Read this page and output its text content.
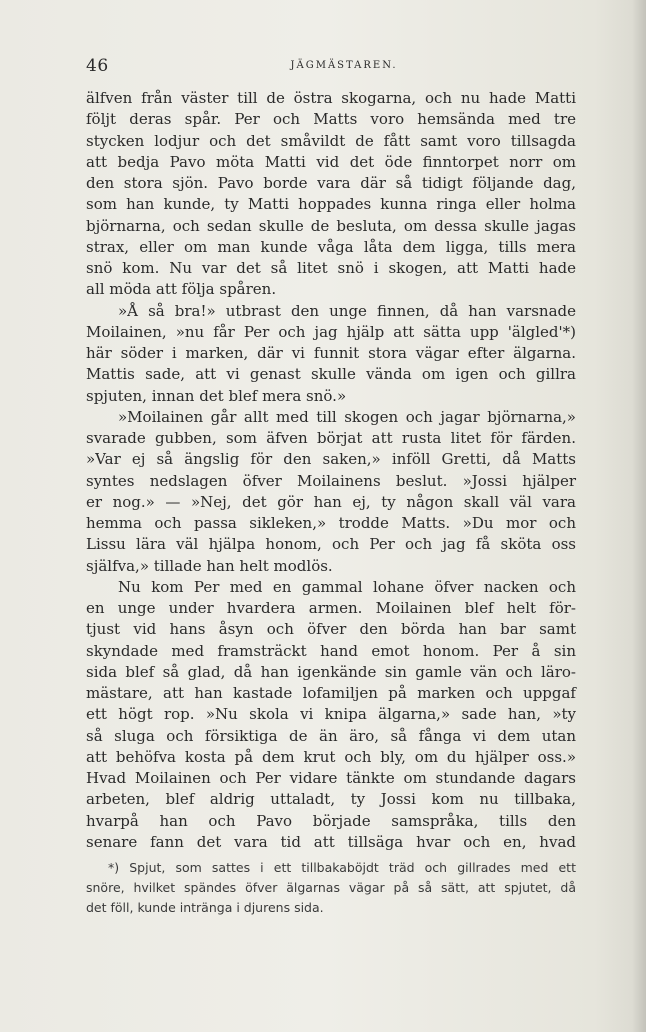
46	JÄGMÄSTAREN.
älfven från väster till de östra skogarna, och nu hade Matti
följt deras spår. Per och Matts voro hemsända med tre
stycken lodjur och det småvildt de fått samt voro tillsagda
att bedja Pavo möta Matti vid det öde finntorpet norr om
den stora sjön. Pavo borde vara där så tidigt följande dag,
som han kunde, ty Matti hoppades kunna ringa eller holma
björnarna, och sedan skulle de besluta, om dessa skulle jagas
strax, eller om man kunde våga låta dem ligga, tills mera
snö kom. Nu var det så litet snö i skogen, att Matti hade
all möda att följa spåren.
»Å så bra!» utbrast den unge finnen, då han varsnade
Moilainen, »nu får Per och jag hjälp att sätta upp 'älgled'*)
här söder i marken, där vi funnit stora vägar efter älgarna.
Mattis sade, att vi genast skulle vända om igen och gillra
spjuten, innan det blef mera snö.»
»Moilainen går allt med till skogen och jagar björnarna,»
svarade gubben, som äfven börjat att rusta litet för färden.
»Var ej så ängslig för den saken,» inföll Gretti, då Matts
syntes nedslagen öfver Moilainens beslut. »Jossi hjälper
er nog.» — »Nej, det gör han ej, ty någon skall väl vara
hemma och passa sikleken,» trodde Matts. »Du mor och
Lissu lära väl hjälpa honom, och Per och jag få sköta oss
själfva,» tillade han helt modlös.
Nu kom Per med en gammal lohane öfver nacken och
en unge under hvardera armen. Moilainen blef helt för-
tjust vid hans åsyn och öfver den börda han bar samt
skyndade med framsträckt hand emot honom. Per å sin
sida blef så glad, då han igenkände sin gamle vän och läro-
mästare, att han kastade lofamiljen på marken och uppgaf
ett högt rop. »Nu skola vi knipa älgarna,» sade han, »ty
så sluga och försiktiga de än äro, så fånga vi dem utan
att behöfva kosta på dem krut och bly, om du hjälper oss.»
Hvad Moilainen och Per vidare tänkte om stundande dagars
arbeten, blef aldrig uttaladt, ty Jossi kom nu tillbaka,
hvarpå han och Pavo började samspråka, tills den
senare fann det vara tid att tillsäga hvar och en, hvad
*) Spjut, som sattes i ett tillbakaböjdt träd och gillrades med ett
snöre, hvilket spändes öfver älgarnas vägar på så sätt, att spjutet, då
det föll, kunde inträngа i djurens sida.
